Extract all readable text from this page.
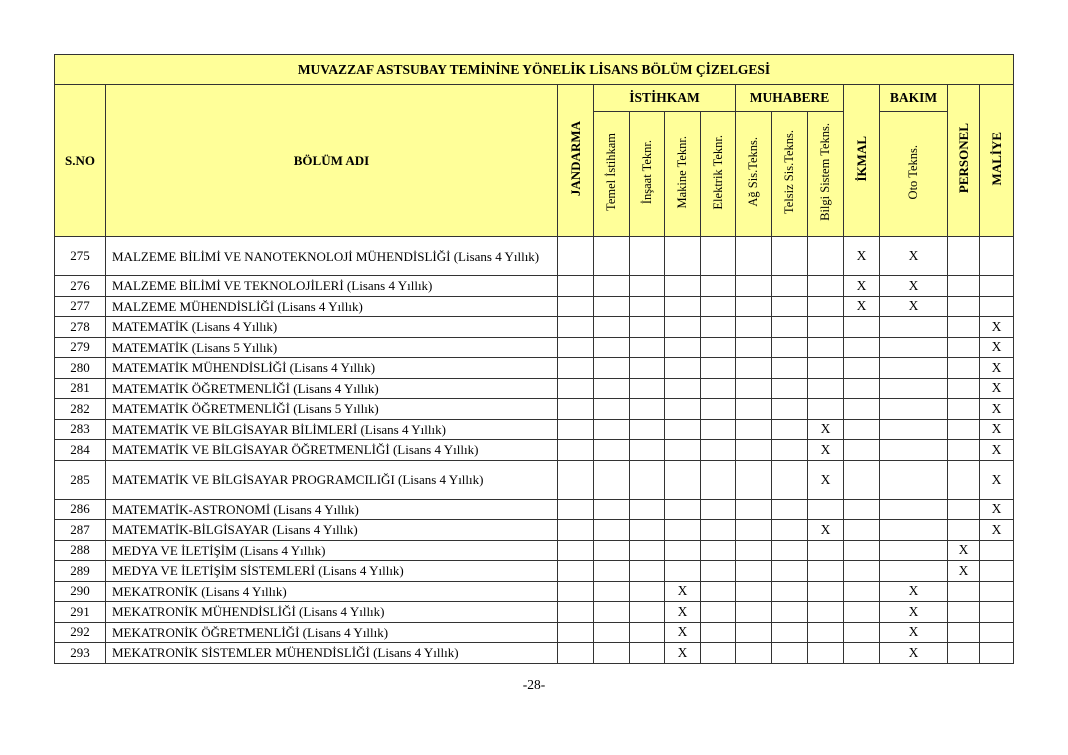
MUVAZZAF ASTSUBAY TEMİNİNE YÖNELİK LİSANS BÖLÜM ÇİZELGESİ													
S.NO	BÖLÜM ADI	JANDARMA	İSTİHKAM				MUHABERE			İKMAL	BAKIM	PERSONEL	MALİYE
			Temel İstihkam	İnşaat Teknr.	Makine Teknr.	Elektrik Teknr.	Ağ Sis.Tekns.	Telsiz Sis.Tekns.	Bilgi Sistem Tekns.		Oto Tekns.		
275	MALZEME BİLİMİ VE NANOTEKNOLOJİ MÜHENDİSLİĞİ (Lisans 4 Yıllık)									X	X		
276	MALZEME BİLİMİ VE TEKNOLOJİLERİ (Lisans 4 Yıllık)									X	X		
277	MALZEME MÜHENDİSLİĞİ (Lisans 4 Yıllık)									X	X		
278	MATEMATİK (Lisans 4 Yıllık)												X
279	MATEMATİK (Lisans 5 Yıllık)												X
280	MATEMATİK MÜHENDİSLİĞİ (Lisans 4 Yıllık)												X
281	MATEMATİK ÖĞRETMENLİĞİ (Lisans 4 Yıllık)												X
282	MATEMATİK ÖĞRETMENLİĞİ (Lisans 5 Yıllık)												X
283	MATEMATİK VE BİLGİSAYAR BİLİMLERİ (Lisans 4 Yıllık)								X				X
284	MATEMATİK VE BİLGİSAYAR ÖĞRETMENLİĞİ (Lisans 4 Yıllık)								X				X
285	MATEMATİK VE BİLGİSAYAR PROGRAMCILIĞI (Lisans 4 Yıllık)								X				X
286	MATEMATİK-ASTRONOMİ (Lisans 4 Yıllık)												X
287	MATEMATİK-BİLGİSAYAR (Lisans 4 Yıllık)								X				X
288	MEDYA VE İLETİŞİM (Lisans 4 Yıllık)											X	
289	MEDYA VE İLETİŞİM SİSTEMLERİ (Lisans 4 Yıllık)											X	
290	MEKATRONİK (Lisans 4 Yıllık)				X						X		
291	MEKATRONİK MÜHENDİSLİĞİ (Lisans 4 Yıllık)				X						X		
292	MEKATRONİK ÖĞRETMENLİĞİ (Lisans 4 Yıllık)				X						X		
293	MEKATRONİK SİSTEMLER MÜHENDİSLİĞİ (Lisans 4 Yıllık)				X						X		
-28-
